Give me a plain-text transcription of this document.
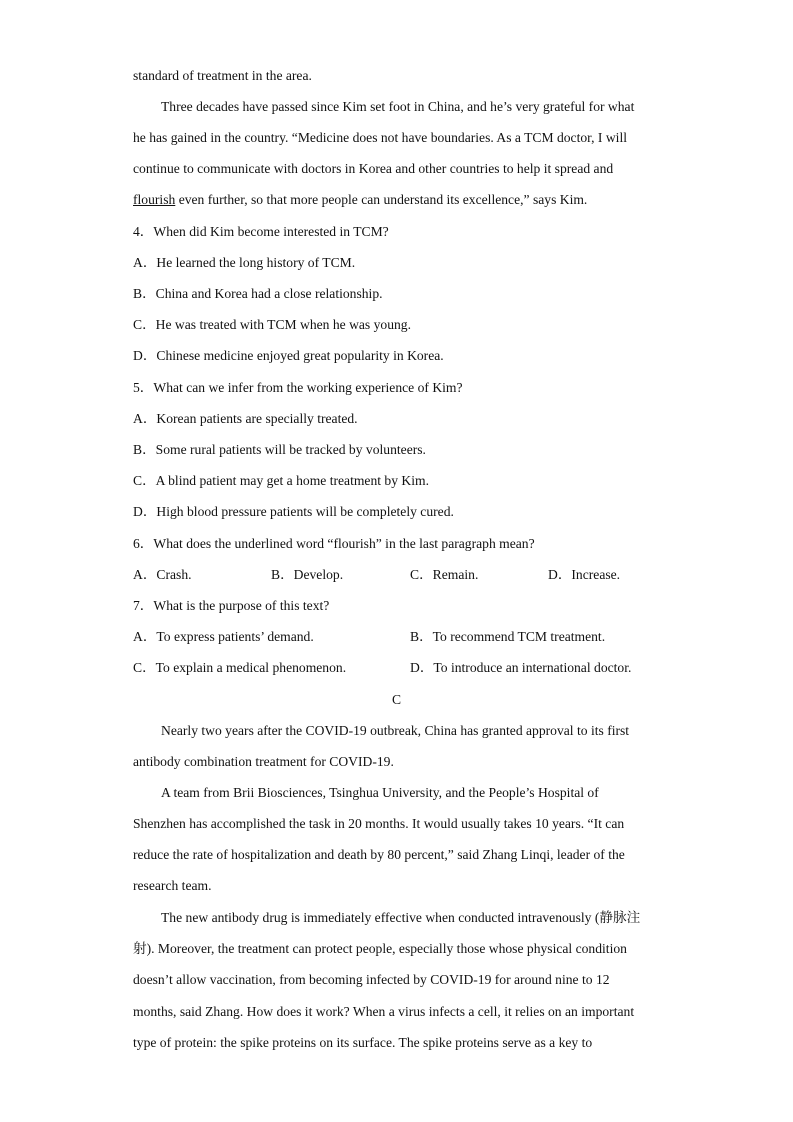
standard of treatment in the area.
Three decades have passed since Kim set foot in China, and he’s very grateful for what
he has gained in the country. “Medicine does not have boundaries. As a TCM doctor, I will
continue to communicate with doctors in Korea and other countries to help it spread and
flourish even further, so that more people can understand its excellence,” says Kim.
4．When did Kim become interested in TCM?
A．He learned the long history of TCM.
B．China and Korea had a close relationship.
C．He was treated with TCM when he was young.
D．Chinese medicine enjoyed great popularity in Korea.
5．What can we infer from the working experience of Kim?
A．Korean patients are specially treated.
B．Some rural patients will be tracked by volunteers.
C．A blind patient may get a home treatment by Kim.
D．High blood pressure patients will be completely cured.
6．What does the underlined word “flourish” in the last paragraph mean?
A．Crash.	B．Develop.	C．Remain.	D．Increase.
7．What is the purpose of this text?
A．To express patients’ demand.	B．To recommend TCM treatment.
C．To explain a medical phenomenon.	D．To introduce an international doctor.
C
Nearly two years after the COVID-19 outbreak, China has granted approval to its first
antibody combination treatment for COVID-19.
A team from Brii Biosciences, Tsinghua University, and the People’s Hospital of
Shenzhen has accomplished the task in 20 months. It would usually takes 10 years. “It can
reduce the rate of hospitalization and death by 80 percent,” said Zhang Linqi, leader of the
research team.
The new antibody drug is immediately effective when conducted intravenously (静脉注
射). Moreover, the treatment can protect people, especially those whose physical condition
doesn’t allow vaccination, from becoming infected by COVID-19 for around nine to 12
months, said Zhang. How does it work? When a virus infects a cell, it relies on an important
type of protein: the spike proteins on its surface. The spike proteins serve as a key to
